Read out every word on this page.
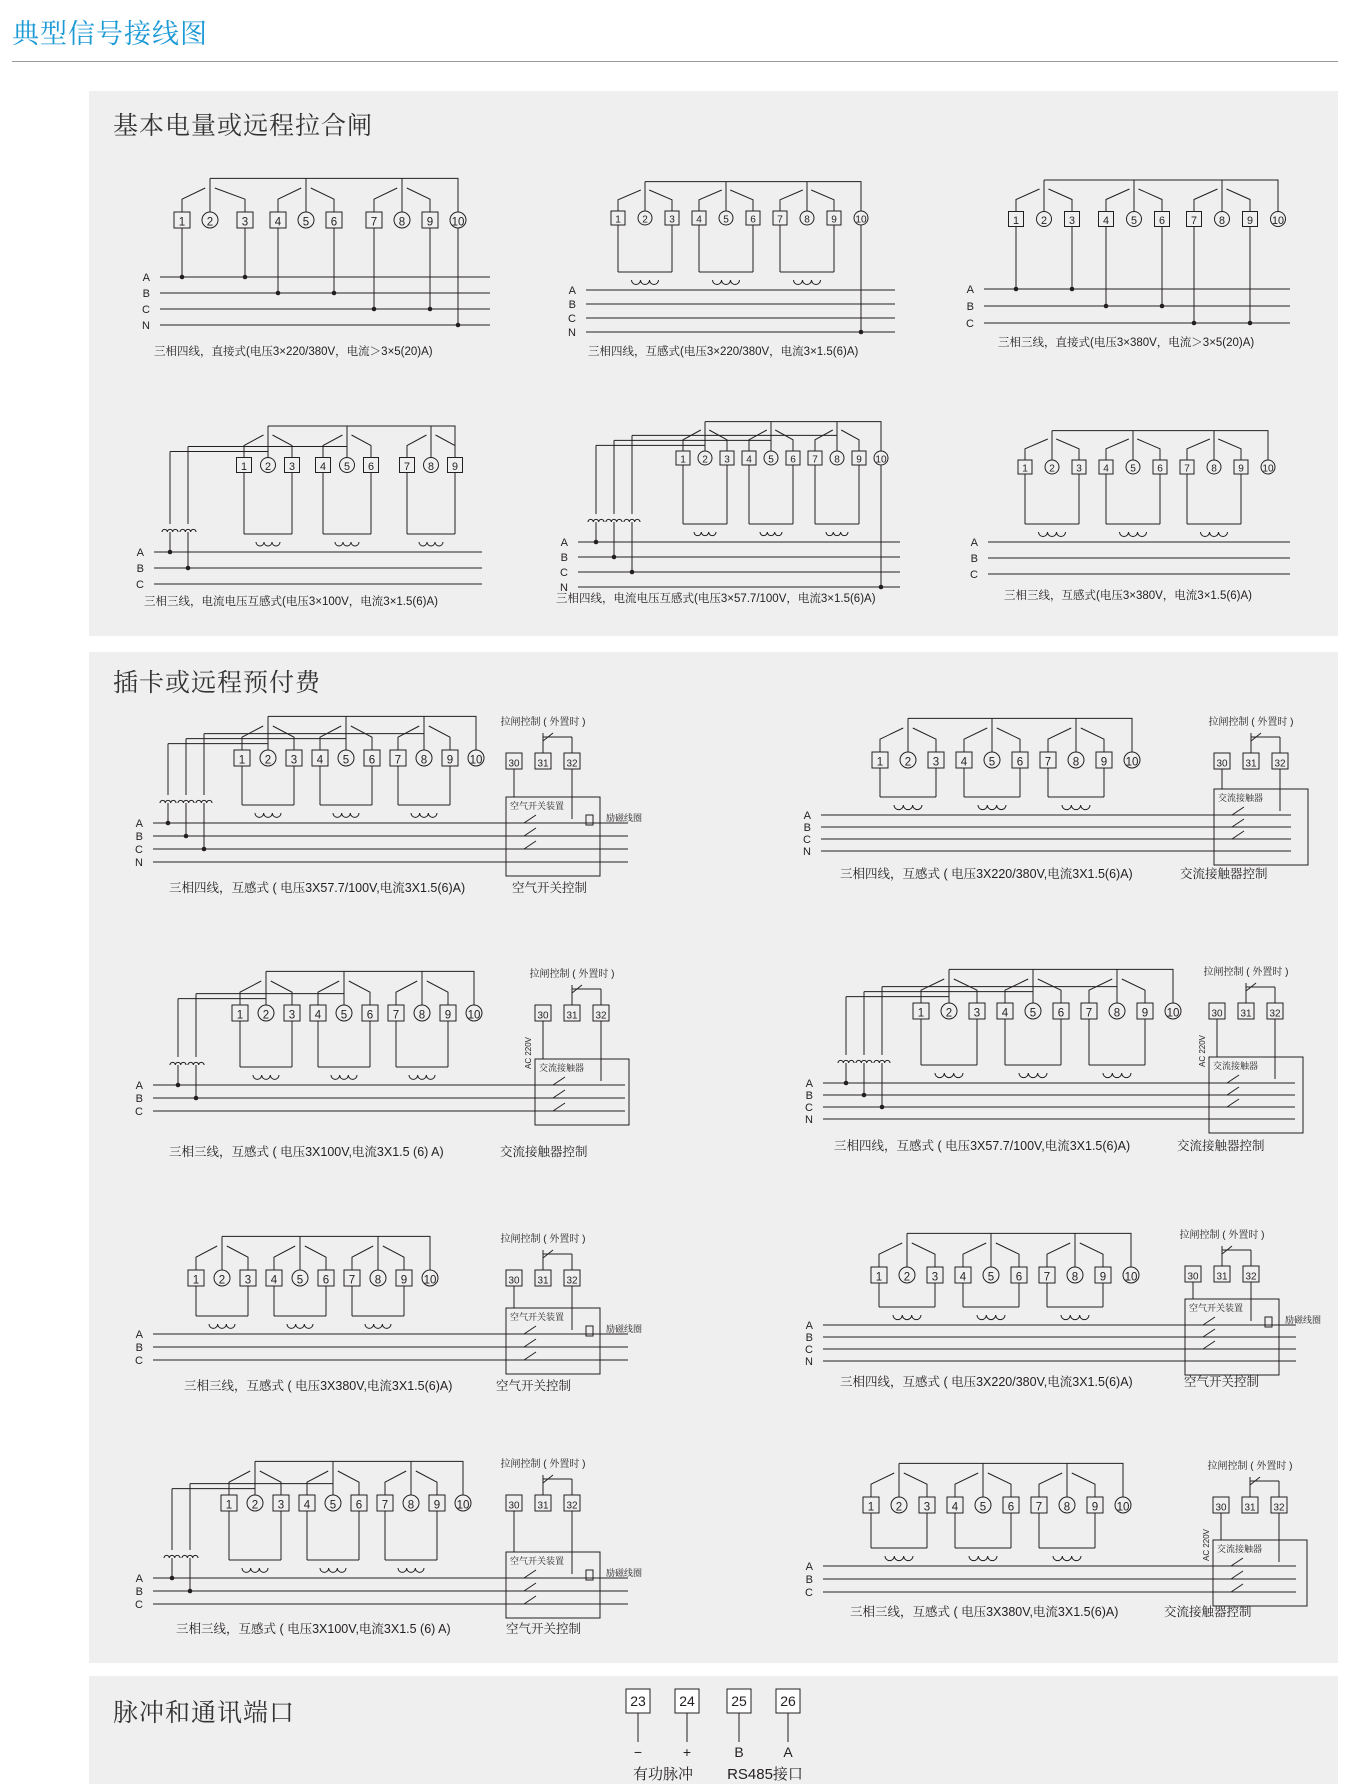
典型信号接线图
基本电量或远程拉合闸
插卡或远程预付费
脉冲和通讯端口
1 2 3 4 5 6	7 8 9 10
A
B
C
N
三相四线，直接式(电压3×220/380V，电流＞3×5(20)A)
1 2 3 4 5 6 7 8 9 10
A
B
C
N
三相四线，互感式(电压3×220/380V，电流3×1.5(6)A)
1 2 3	4 5 6 7 8 9 10
A
B
C
三相三线，直接式(电压3×380V，电流＞3×5(20)A)
1 2 3 4 5 6	7 8 9
A
B
C
三相三线，电流电压互感式(电压3×100V，电流3×1.5(6)A)
1 2 3 4 5 6 7 8 9 10
A
B
C
N
三相四线，电流电压互感式(电压3×57.7/100V，电流3×1.5(6)A)
1 2 3 4 5 6 7 8 9 10
A
B
C
三相三线，互感式(电压3×380V，电流3×1.5(6)A)
1 2 3 4 5 6 7 8 9 10
A
B
C
N
拉闸控制 ( 外置时 )
30 31 32
空气开关装置
励磁线圈
空气开关控制
三相四线，互感式 ( 电压3X57.7/100V,电流3X1.5(6)A)
1 2 3 4 5 6 7 8 9 10
A
B
C
N
拉闸控制 ( 外置时 )
30 31 32
交流接触器
交流接触器控制
三相四线，互感式 ( 电压3X220/380V,电流3X1.5(6)A)
1 2 3 4 5 6 7 8 9 10
A
B
C
拉闸控制 ( 外置时 )
30 31 32
交流接触器
AC 220V
交流接触器控制
三相三线，互感式 ( 电压3X100V,电流3X1.5 (6) A)
1 2 3 4 5 6 7 8 9 10
A
B
C
N
拉闸控制 ( 外置时 )
30 31 32
交流接触器
AC 220V
交流接触器控制
三相四线，互感式 ( 电压3X57.7/100V,电流3X1.5(6)A)
1 2 3 4 5 6 7 8 9 10
A
B
C
拉闸控制 ( 外置时 )
30 31 32
空气开关装置
励磁线圈
空气开关控制
三相三线，互感式 ( 电压3X380V,电流3X1.5(6)A)
1 2 3 4 5 6 7 8 9 10
A
B
C
N
拉闸控制 ( 外置时 )
30 31 32
空气开关装置
励磁线圈
空气开关控制
三相四线，互感式 ( 电压3X220/380V,电流3X1.5(6)A)
1 2 3 4 5 6 7 8 9 10
A
B
C
拉闸控制 ( 外置时 )
30 31 32
空气开关装置
励磁线圈
空气开关控制
三相三线，互感式 ( 电压3X100V,电流3X1.5 (6) A)
1 2 3 4 5 6 7 8 9 10
A
B
C
拉闸控制 ( 外置时 )
30 31 32
交流接触器
AC 220V
交流接触器控制
三相三线，互感式 ( 电压3X380V,电流3X1.5(6)A)
23
−
24
+
25
B
26
A
有功脉冲 RS485接口
